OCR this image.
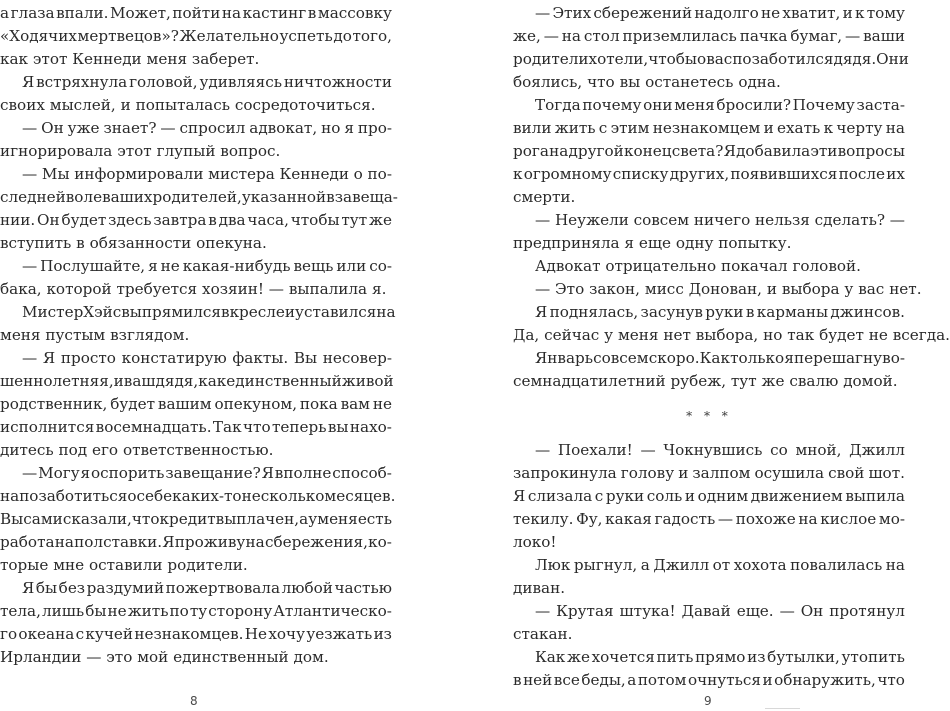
а глаза впали. Может, пойти на кастинг в массовку
«Ходячих мертвецов»? Желательно успеть до того,
как этот Кеннеди меня заберет.
Я встряхнула головой, удивляясь ничтожности
своих мыслей, и попыталась сосредоточиться.
— Он уже знает? — спросил адвокат, но я про-
игнорировала этот глупый вопрос.
— Мы информировали мистера Кеннеди о по-
следней воле ваших родителей, указанной в завеща-
нии. Он будет здесь завтра в два часа, чтобы тут же
вступить в обязанности опекуна.
— Послушайте, я не какая-нибудь вещь или со-
бака, которой требуется хозяин! — выпалила я.
Мистер Хэйс выпрямился в кресле и уставился на
меня пустым взглядом.
— Я просто констатирую факты. Вы несовер-
шеннолетняя, и ваш дядя, как единственный живой
родственник, будет вашим опекуном, пока вам не
исполнится восемнадцать. Так что теперь вы нахо-
дитесь под его ответственностью.
— Могу я оспорить завещание? Я вполне способ-
на позаботиться о себе каких-то несколько месяцев.
Вы сами сказали, что кредит выплачен, а у меня есть
работа на полставки. Я проживу на сбережения, ко-
торые мне оставили родители.
Я бы без раздумий пожертвовала любой частью
тела, лишь бы не жить по ту сторону Атлантическо-
го океана с кучей незнакомцев. Не хочу уезжать из
Ирландии — это мой единственный дом.
8
— Этих сбережений надолго не хватит, и к тому
же, — на стол приземлилась пачка бумаг, — ваши
родители хотели, чтобы о вас позаботился дядя. Они
боялись, что вы останетесь одна.
Тогда почему они меня бросили? Почему заста-
вили жить с этим незнакомцем и ехать к черту на
рога на другой конец света? Я добавила эти вопросы
к огромному списку других, появившихся после их
смерти.
— Неужели совсем ничего нельзя сделать? —
предприняла я еще одну попытку.
Адвокат отрицательно покачал головой.
— Это закон, мисс Донован, и выбора у вас нет.
Я поднялась, засунув руки в карманы джинсов.
Да, сейчас у меня нет выбора, но так будет не всегда.
Январь совсем скоро. Как только я перешагну во-
семнадцатилетний рубеж, тут же свалю домой.
* * *
— Поехали! — Чокнувшись со мной, Джилл
запрокинула голову и залпом осушила свой шот.
Я слизала с руки соль и одним движением выпила
текилу. Фу, какая гадость — похоже на кислое мо-
локо!
Люк рыгнул, а Джилл от хохота повалилась на
диван.
— Крутая штука! Давай еще. — Он протянул
стакан.
Как же хочется пить прямо из бутылки, утопить
в ней все беды, а потом очнуться и обнаружить, что
9
